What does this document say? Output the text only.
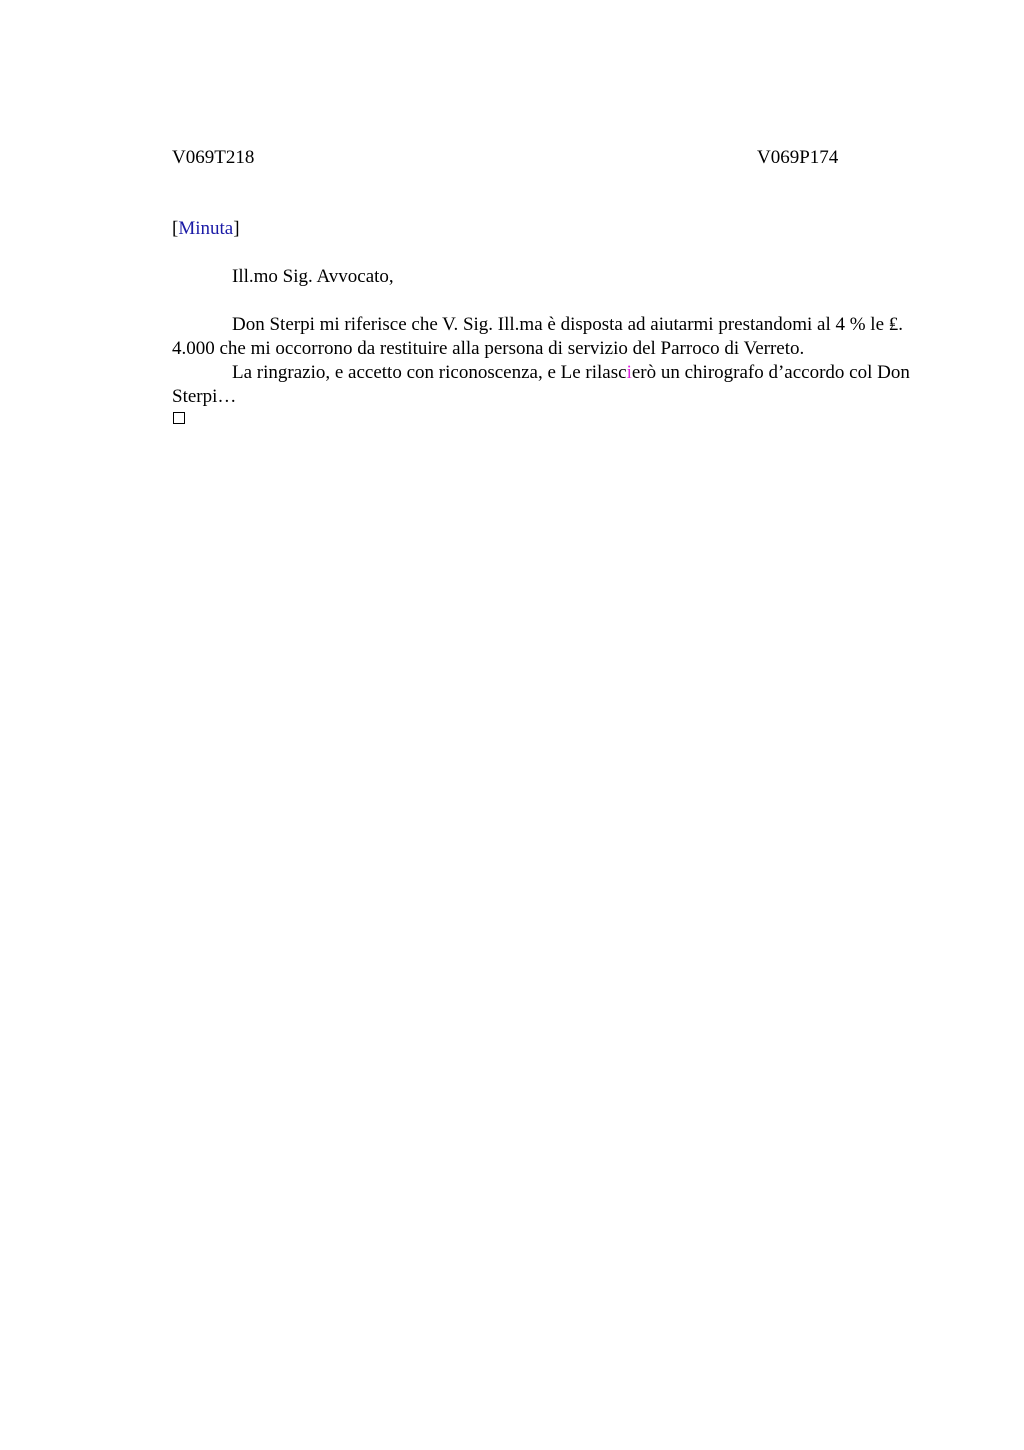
V069T218	V069P174
[Minuta]

Ill.mo Sig. Avvocato,

Don Sterpi mi riferisce che V. Sig. Ill.ma è disposta ad aiutarmi prestandomi al 4 % le ₤. 4.000 che mi occorrono da restituire alla persona di servizio del Parroco di Verreto.

La ringrazio, e accetto con riconoscenza, e Le rilascierò un chirografo d’accordo col Don Sterpi…
